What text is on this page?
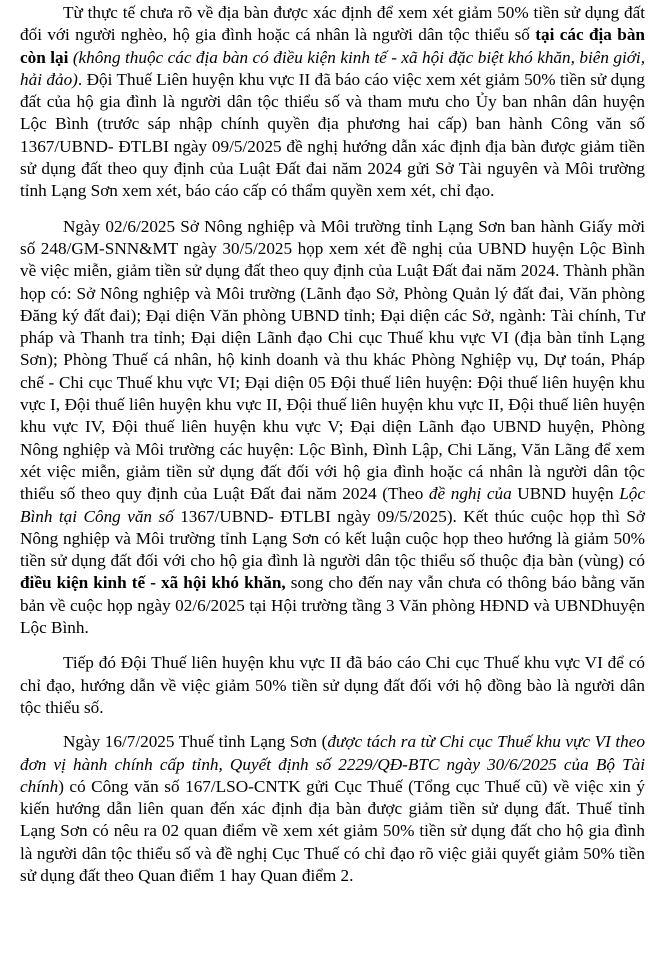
Từ thực tế chưa rõ về địa bàn được xác định để xem xét giảm 50% tiền sử dụng đất đối với người nghèo, hộ gia đình hoặc cá nhân là người dân tộc thiểu số tại các địa bàn còn lại (không thuộc các địa bàn có điều kiện kinh tế - xã hội đặc biệt khó khăn, biên giới, hải đảo). Đội Thuế Liên huyện khu vực II đã báo cáo việc xem xét giảm 50% tiền sử dụng đất của hộ gia đình là người dân tộc thiểu số và tham mưu cho Ủy ban nhân dân huyện Lộc Bình (trước sáp nhập chính quyền địa phương hai cấp) ban hành Công văn số 1367/UBND- ĐTLBI ngày 09/5/2025 đề nghị hướng dẫn xác định địa bàn được giảm tiền sử dụng đất theo quy định của Luật Đất đai năm 2024 gửi Sở Tài nguyên và Môi trường tỉnh Lạng Sơn xem xét, báo cáo cấp có thẩm quyền xem xét, chỉ đạo.

Ngày 02/6/2025 Sở Nông nghiệp và Môi trường tỉnh Lạng Sơn ban hành Giấy mời số 248/GM-SNN&MT ngày 30/5/2025 họp xem xét đề nghị của UBND huyện Lộc Bình về việc miễn, giảm tiền sử dụng đất theo quy định của Luật Đất đai năm 2024. Thành phần họp có: Sở Nông nghiệp và Môi trường (Lãnh đạo Sở, Phòng Quản lý đất đai, Văn phòng Đăng ký đất đai); Đại diện Văn phòng UBND tỉnh; Đại diện các Sở, ngành: Tài chính, Tư pháp và Thanh tra tỉnh; Đại diện Lãnh đạo Chi cục Thuế khu vực VI (địa bàn tỉnh Lạng Sơn); Phòng Thuế cá nhân, hộ kinh doanh và thu khác Phòng Nghiệp vụ, Dự toán, Pháp chế - Chi cục Thuế khu vực VI; Đại diện 05 Đội thuế liên huyện: Đội thuế liên huyện khu vực I, Đội thuế liên huyện khu vực II, Đội thuế liên huyện khu vực II, Đội thuế liên huyện khu vực IV, Đội thuế liên huyện khu vực V; Đại diện Lãnh đạo UBND huyện, Phòng Nông nghiệp và Môi trường các huyện: Lộc Bình, Đình Lập, Chi Lăng, Văn Lãng để xem xét việc miễn, giảm tiền sử dụng đất đối với hộ gia đình hoặc cá nhân là người dân tộc thiểu số theo quy định của Luật Đất đai năm 2024 (Theo đề nghị của UBND huyện Lộc Bình tại Công văn số 1367/UBND- ĐTLBI ngày 09/5/2025). Kết thúc cuộc họp thì Sở Nông nghiệp và Môi trường tỉnh Lạng Sơn có kết luận cuộc họp theo hướng là giảm 50% tiền sử dụng đất đối với cho hộ gia đình là người dân tộc thiểu số thuộc địa bàn (vùng) có điều kiện kinh tế - xã hội khó khăn, song cho đến nay vẫn chưa có thông báo bằng văn bản về cuộc họp ngày 02/6/2025 tại Hội trường tầng 3 Văn phòng HĐND và UBNDhuyện Lộc Bình.

Tiếp đó Đội Thuế liên huyện khu vực II đã báo cáo Chi cục Thuế khu vực VI để có chỉ đạo, hướng dẫn về việc giảm 50% tiền sử dụng đất đối với hộ đồng bào là người dân tộc thiểu số.

Ngày 16/7/2025 Thuế tỉnh Lạng Sơn (được tách ra từ Chi cục Thuế khu vực VI theo đơn vị hành chính cấp tỉnh, Quyết định số 2229/QĐ-BTC ngày 30/6/2025 của Bộ Tài chính) có Công văn số 167/LSO-CNTK gửi Cục Thuế (Tổng cục Thuế cũ) về việc xin ý kiến hướng dẫn liên quan đến xác định địa bàn được giảm tiền sử dụng đất. Thuế tỉnh Lạng Sơn có nêu ra 02 quan điểm về xem xét giảm 50% tiền sử dụng đất cho hộ gia đình là người dân tộc thiểu số và đề nghị Cục Thuế có chỉ đạo rõ việc giải quyết giảm 50% tiền sử dụng đất theo Quan điểm 1 hay Quan điểm 2.
